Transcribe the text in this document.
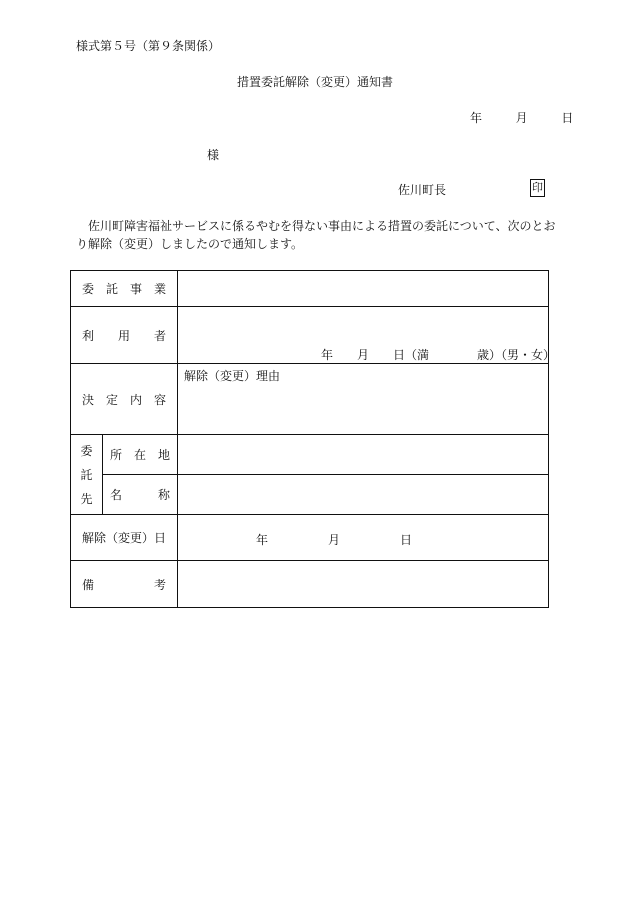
様式第５号（第９条関係）
措置委託解除（変更）通知書
年	月	日
様
佐川町長	印
佐川町障害福祉サービスに係るやむを得ない事由による措置の委託について、次のとおり解除（変更）しましたので通知します。
委　託　事　業		
利　　用　　者		年　　月　　日（満　　　　歳）（男・女）

決　定　内　容		解除（変更）理由

委
託
先	所　在　地	
	名　　　称	
解除（変更）日		年 月 日

備　　　　　考		
